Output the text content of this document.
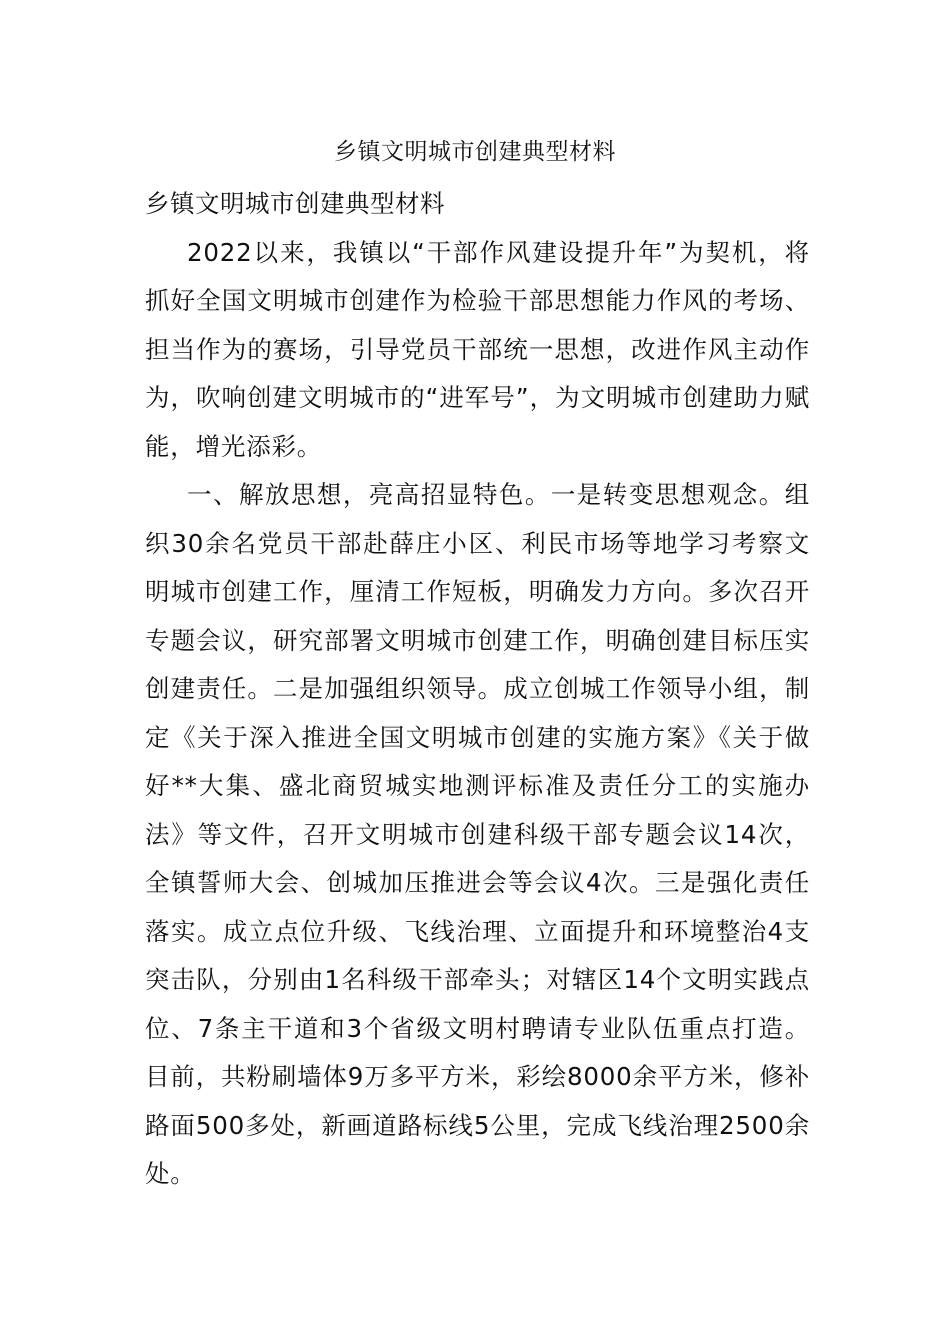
乡镇文明城市创建典型材料

乡镇文明城市创建典型材料

2022以来，我镇以“干部作风建设提升年”为契机，将抓好全国文明城市创建作为检验干部思想能力作风的考场、担当作为的赛场，引导党员干部统一思想，改进作风主动作为，吹响创建文明城市的“进军号”，为文明城市创建助力赋能，增光添彩。

一、解放思想，亮高招显特色。一是转变思想观念。组织30余名党员干部赴薛庄小区、利民市场等地学习考察文明城市创建工作，厘清工作短板，明确发力方向。多次召开专题会议，研究部署文明城市创建工作，明确创建目标压实创建责任。二是加强组织领导。成立创城工作领导小组，制定《关于深入推进全国文明城市创建的实施方案》《关于做好**大集、盛北商贸城实地测评标准及责任分工的实施办法》等文件，召开文明城市创建科级干部专题会议14次，全镇誓师大会、创城加压推进会等会议4次。三是强化责任落实。成立点位升级、飞线治理、立面提升和环境整治4支突击队，分别由1名科级干部牵头；对辖区14个文明实践点位、7条主干道和3个省级文明村聘请专业队伍重点打造。目前，共粉刷墙体9万多平方米，彩绘8000余平方米，修补路面500多处，新画道路标线5公里，完成飞线治理2500余处。
